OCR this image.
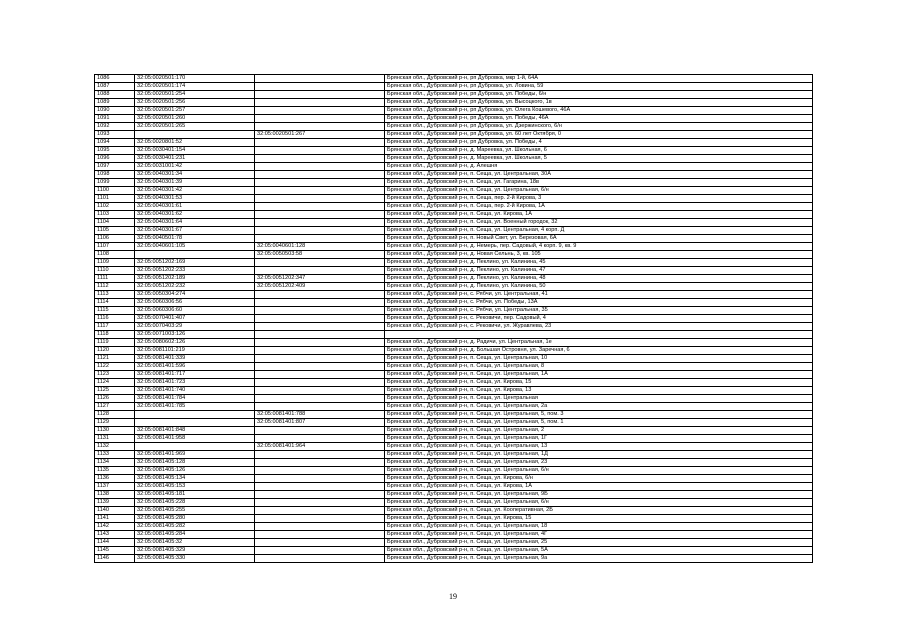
1086	32:05:0020501:170		Брянская обл., Дубровский р-н, рп Дубровка, мкр 1-й, 64А
1087	32:05:0020501:174		Брянская обл., Дубровский р-н, рп Дубровка, ул. Ловина, 59
1088	32:05:0020501:254		Брянская обл., Дубровский р-н, рп Дубровка, ул. Победы, 6/н
1089	32:05:0020501:256		Брянская обл., Дубровский р-н, рп Дубровка, ул. Высоцкого, 1в
1090	32:05:0020501:257		Брянская обл., Дубровский р-н, рп Дубровка, ул. Олега Кошевого, 46А
1091	32:05:0020501:260		Брянская обл., Дубровский р-н, рп Дубровка, ул. Победы, 46А
1092	32:05:0020501:265		Брянская обл., Дубровский р-н, рп Дубровка, ул. Дзержинского, 6/н
1093		32:05:0020501:267	Брянская обл., Дубровский р-н, рп Дубровка, ул. 60 лет Октября, 0
1094	32:05:0020801:52		Брянская обл., Дубровский р-н, рп Дубровка, ул. Победы, 4
1095	32:05:0030401:154		Брянская обл., Дубровский р-н, д. Мареевка, ул. Школьная, 6
1096	32:05:0030401:231		Брянская обл., Дубровский р-н, д. Мареевка, ул. Школьная, 5
1097	32:05:0031001:42		Брянская обл., Дубровский р-н, д. Алешня
1098	32:05:0040301:34		Брянская обл., Дубровский р-н, п. Сещa, ул. Центральная, 30А
1099	32:05:0040301:39		Брянская обл., Дубровский р-н, п. Сещa, ул. Гагарина, 18в
1100	32:05:0040301:42		Брянская обл., Дубровский р-н, п. Сещa, ул. Центральная, 6/н
1101	32:05:0040301:53		Брянская обл., Дубровский р-н, п. Сещa, пер. 2-й Кирова, 3
1102	32:05:0040301:61		Брянская обл., Дубровский р-н, п. Сещa, пер. 2-й Кирова, 1А
1103	32:05:0040301:62		Брянская обл., Дубровский р-н, п. Сещa, ул. Кирова, 1А
1104	32:05:0040301:64		Брянская обл., Дубровский р-н, п. Сещa, ул. Военный городок, 32
1105	32:05:0040301:67		Брянская обл., Дубровский р-н, п. Сещa, ул. Центральная, 4 корп. Д
1106	32:05:0040501:78		Брянская обл., Дубровский р-н, п. Новый Свет, ул. Березовая, 6А
1107	32:05:0040601:105	32:05:0040601:128	Брянская обл., Дубровский р-н, д. Немерь, пер. Садовый, 4 корп. 9, кв. 9
1108		32:05:0050503:58	Брянская обл., Дубровский р-н, д. Новая Сельнь, 3, кв. 105
1109	32:05:0051202:169		Брянская обл., Дубровский р-н, д. Пеклино, ул. Калинина, 45
1110	32:05:0051202:233		Брянская обл., Дубровский р-н, д. Пеклино, ул. Калинина, 47
1111	32:05:0051202:189	32:05:0051202:347	Брянская обл., Дубровский р-н, д. Пеклино, ул. Калинина, 48
1112	32:05:0051202:232	32:05:0051202:409	Брянская обл., Дубровский р-н, д. Пеклино, ул. Калинина, 50
1113	32:05:0050304:274		Брянская обл., Дубровский р-н, с. Рябчи, ул. Центральная, 41
1114	32:05:0060306:56		Брянская обл., Дубровский р-н, с. Рябчи, ул. Победы, 13А
1115	32:05:0060306:60		Брянская обл., Дубровский р-н, с. Рябчи, ул. Центральная, 35
1116	32:05:0070401:407		Брянская обл., Дубровский р-н, с. Рековичи, пер. Садовый, 4
1117	32:05:0070403:29		Брянская обл., Дубровский р-н, с. Рековичи, ул. Журавлева, 23
1118	32:05:0071003:126		
1119	32:05:0080602:126		Брянская обл., Дубровский р-н, д. Радичи, ул. Центральная, 1е
1120	32:05:0081101:219		Брянская обл., Дубровский р-н, д. Большая Островня, ул. Заречная, 6
1121	32:05:0081401:339		Брянская обл., Дубровский р-н, п. Сещa, ул. Центральная, 10
1122	32:05:0081401:596		Брянская обл., Дубровский р-н, п. Сещa, ул. Центральная, 8
1123	32:05:0081401:717		Брянская обл., Дубровский р-н, п. Сещa, ул. Центральная, 1А
1124	32:05:0081401:723		Брянская обл., Дубровский р-н, п. Сещa, ул. Кирова, 15
1125	32:05:0081401:740		Брянская обл., Дубровский р-н, п. Сещa, ул. Кирова, 13
1126	32:05:0081401:784		Брянская обл., Дубровский р-н, п. Сещa, ул. Центральная
1127	32:05:0081401:785		Брянская обл., Дубровский р-н, п. Сещa, ул. Центральная, 2а
1128		32:05:0081401:788	Брянская обл., Дубровский р-н, п. Сещa, ул. Центральная, 5, пом. 3
1129		32:05:0081401:807	Брянская обл., Дубровский р-н, п. Сещa, ул. Центральная, 5, пом. 1
1130	32:05:0081401:848		Брянская обл., Дубровский р-н, п. Сещa, ул. Центральная, 2
1131	32:05:0081401:958		Брянская обл., Дубровский р-н, п. Сещa, ул. Центральная, 1Г
1132		32:05:0081401:964	Брянская обл., Дубровский р-н, п. Сещa, ул. Центральная, 13
1133	32:05:0081401:969		Брянская обл., Дубровский р-н, п. Сещa, ул. Центральная, 1Д
1134	32:05:0081405:128		Брянская обл., Дубровский р-н, п. Сещa, ул. Центральная, 23
1135	32:05:0081405:126		Брянская обл., Дубровский р-н, п. Сещa, ул. Центральная, 6/н
1136	32:05:0081405:134		Брянская обл., Дубровский р-н, п. Сещa, ул. Кирова, 6/н
1137	32:05:0081405:153		Брянская обл., Дубровский р-н, п. Сещa, ул. Кирова, 1А
1138	32:05:0081405:181		Брянская обл., Дубровский р-н, п. Сещa, ул. Центральная, 9Б
1139	32:05:0081405:228		Брянская обл., Дубровский р-н, п. Сещa, ул. Центральная, 6/н
1140	32:05:0081405:255		Брянская обл., Дубровский р-н, п. Сещa, ул. Кооперативная, 2Б
1141	32:05:0081405:280		Брянская обл., Дубровский р-н, п. Сещa, ул. Кирова, 15
1142	32:05:0081405:282		Брянская обл., Дубровский р-н, п. Сещa, ул. Центральная, 18
1143	32:05:0081405:284		Брянская обл., Дубровский р-н, п. Сещa, ул. Центральная, 4Г
1144	32:05:0081405:32		Брянская обл., Дубровский р-н, п. Сещa, ул. Центральная, 25
1145	32:05:0081405:329		Брянская обл., Дубровский р-н, п. Сещa, ул. Центральная, 5А
1146	32:05:0081405:330		Брянская обл., Дубровский р-н, п. Сещa, ул. Центральная, 9а
19
